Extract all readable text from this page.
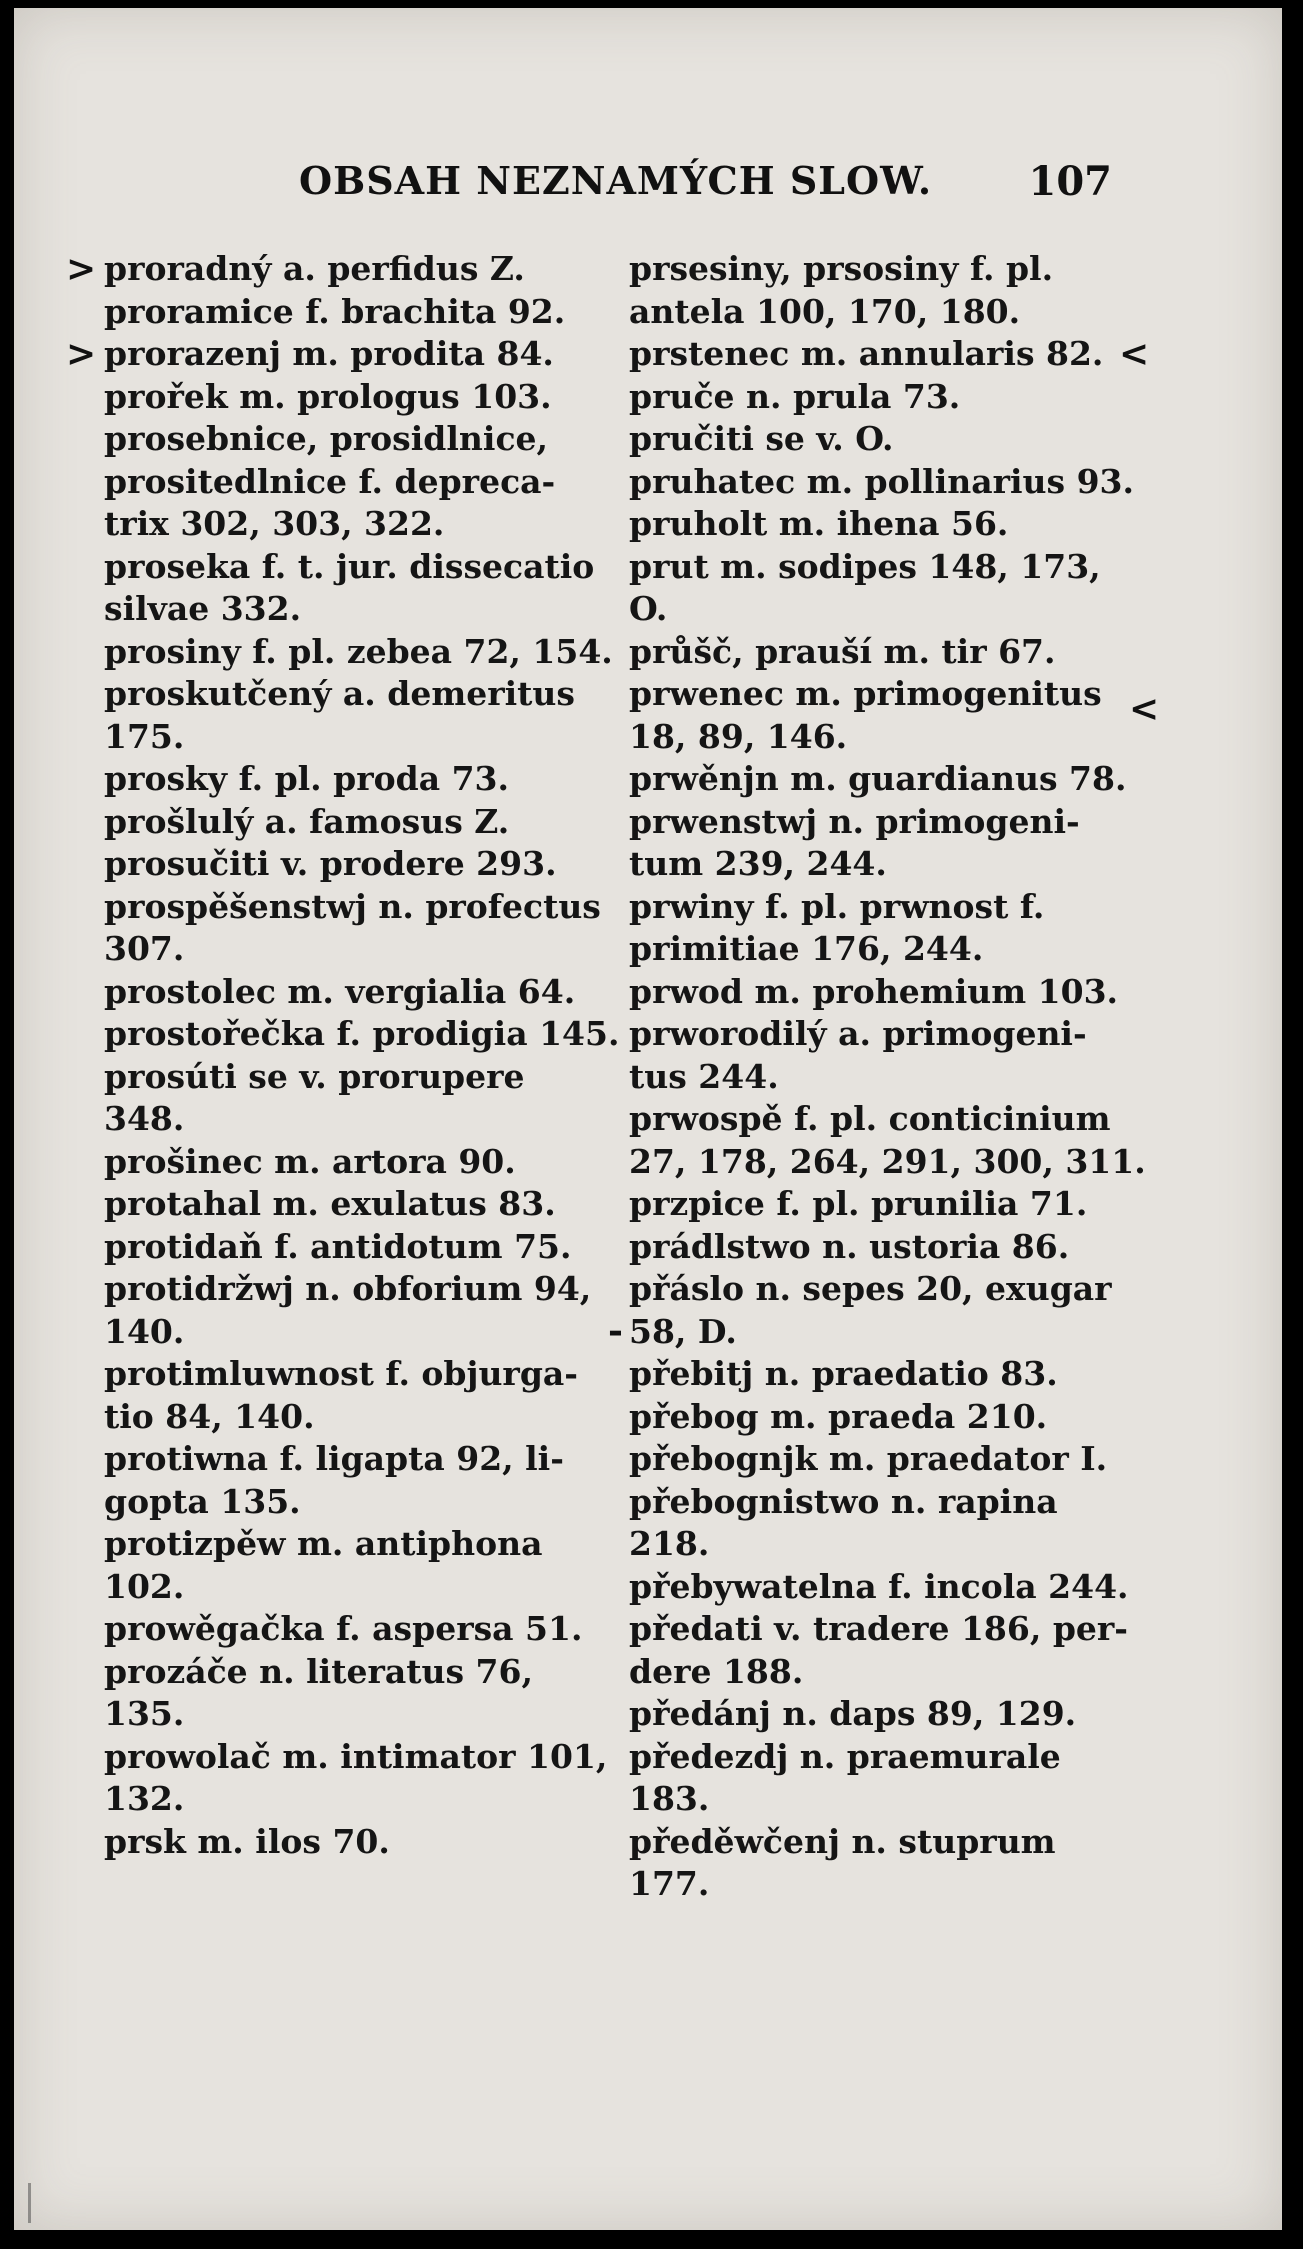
OBSAH NEZNAMÝCH SLOW. 107
>
>	<
<
-

proradný a. perfidus Z.

proramice f. brachita 92.

prorazenj m. prodita 84.

prořek m. prologus 103.

prosebnice, prosidlnice,
prositedlnice f. depreca-
trix 302, 303, 322.

proseka f. t. jur. dissecatio
silvae 332.

prosiny f. pl. zebea 72, 154.

proskutčený a. demeritus
175.

prosky f. pl. proda 73.

prošlulý a. famosus Z.

prosučiti v. prodere 293.

prospěšenstwj n. profectus
307.

prostolec m. vergialia 64.

prostořečka f. prodigia 145.

prosúti se v. prorupere
348.

prošinec m. artora 90.

protahal m. exulatus 83.

protidaň f. antidotum 75.

protidržwj n. obforium 94,
140.

protimluwnost f. objurga-
tio 84, 140.

protiwna f. ligapta 92, li-
gopta 135.

protizpěw m. antiphona
102.

prowěgačka f. aspersa 51.

prozáče n. literatus 76,
135.

prowolač m. intimator 101,
132.

prsk m. ilos 70.

prsesiny, prsosiny f. pl.
antela 100, 170, 180.

prstenec m. annularis 82.

pruče n. prula 73.

pručiti se v. O.

pruhatec m. pollinarius 93.

pruholt m. ihena 56.

prut m. sodipes 148, 173,
O.

průšč, prauší m. tir 67.

prwenec m. primogenitus
18, 89, 146.

prwěnjn m. guardianus 78.

prwenstwj n. primogeni-
tum 239, 244.

prwiny f. pl. prwnost f.
primitiae 176, 244.

prwod m. prohemium 103.

prworodilý a. primogeni-
tus 244.

prwospě f. pl. conticinium
27, 178, 264, 291, 300, 311.

przpice f. pl. prunilia 71.

prádlstwo n. ustoria 86.

přáslo n. sepes 20, exugar
58, D.

přebitj n. praedatio 83.

přebog m. praeda 210.

přebognjk m. praedator I.

přebognistwo n. rapina 218.

přebywatelna f. incola 244.

předati v. tradere 186, per-
dere 188.

předánj n. daps 89, 129.

předezdj n. praemurale 183.

předěwčenj n. stuprum
177.
